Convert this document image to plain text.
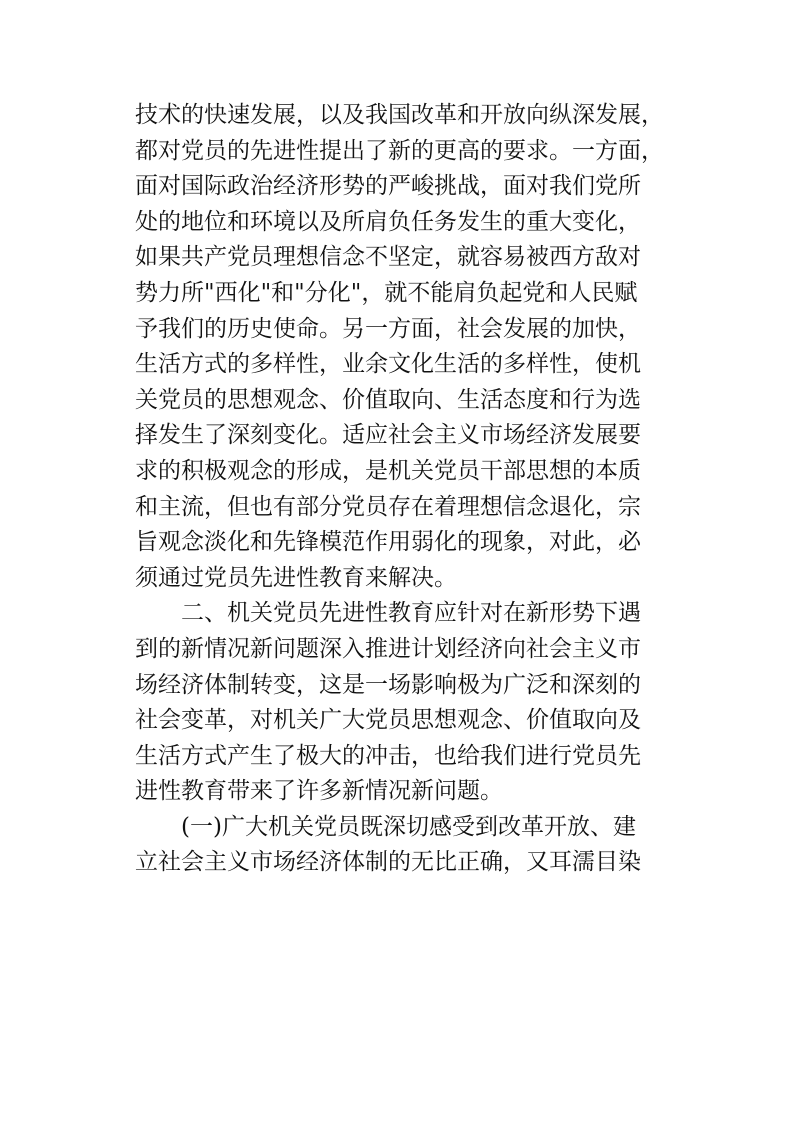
技术的快速发展，以及我国改革和开放向纵深发展，
都对党员的先进性提出了新的更高的要求。一方面，
面对国际政治经济形势的严峻挑战，面对我们党所
处的地位和环境以及所肩负任务发生的重大变化，
如果共产党员理想信念不坚定，就容易被西方敌对
势力所"西化"和"分化"，就不能肩负起党和人民赋
予我们的历史使命。另一方面，社会发展的加快，
生活方式的多样性，业余文化生活的多样性，使机
关党员的思想观念、价值取向、生活态度和行为选
择发生了深刻变化。适应社会主义市场经济发展要
求的积极观念的形成，是机关党员干部思想的本质
和主流，但也有部分党员存在着理想信念退化，宗
旨观念淡化和先锋模范作用弱化的现象，对此，必
须通过党员先进性教育来解决。
二、机关党员先进性教育应针对在新形势下遇
到的新情况新问题深入推进计划经济向社会主义市
场经济体制转变，这是一场影响极为广泛和深刻的
社会变革，对机关广大党员思想观念、价值取向及
生活方式产生了极大的冲击，也给我们进行党员先
进性教育带来了许多新情况新问题。
(一)广大机关党员既深切感受到改革开放、建
立社会主义市场经济体制的无比正确，又耳濡目染
